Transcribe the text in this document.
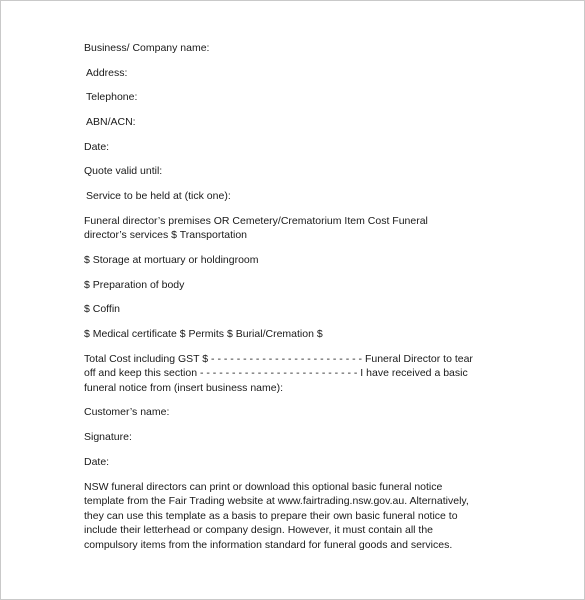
Business/ Company name:
Address:
Telephone:
ABN/ACN:
Date:
Quote valid until:
Service to be held at (tick one):
Funeral director’s premises OR Cemetery/Crematorium Item Cost Funeral
director’s services $ Transportation
$ Storage at mortuary or holdingroom
$ Preparation of body
$ Coffin
$ Medical certificate $ Permits $ Burial/Cremation $
Total Cost including GST $ - - - - - - - - - - - - - - - - - - - - - - - - Funeral Director to tear
off and keep this section - - - - - - - - - - - - - - - - - - - - - - - - - I have received a basic
funeral notice from (insert business name):
Customer’s name:
Signature:
Date:
NSW funeral directors can print or download this optional basic funeral notice
template from the Fair Trading website at www.fairtrading.nsw.gov.au. Alternatively,
they can use this template as a basis to prepare their own basic funeral notice to
include their letterhead or company design. However, it must contain all the
compulsory items from the information standard for funeral goods and services.
